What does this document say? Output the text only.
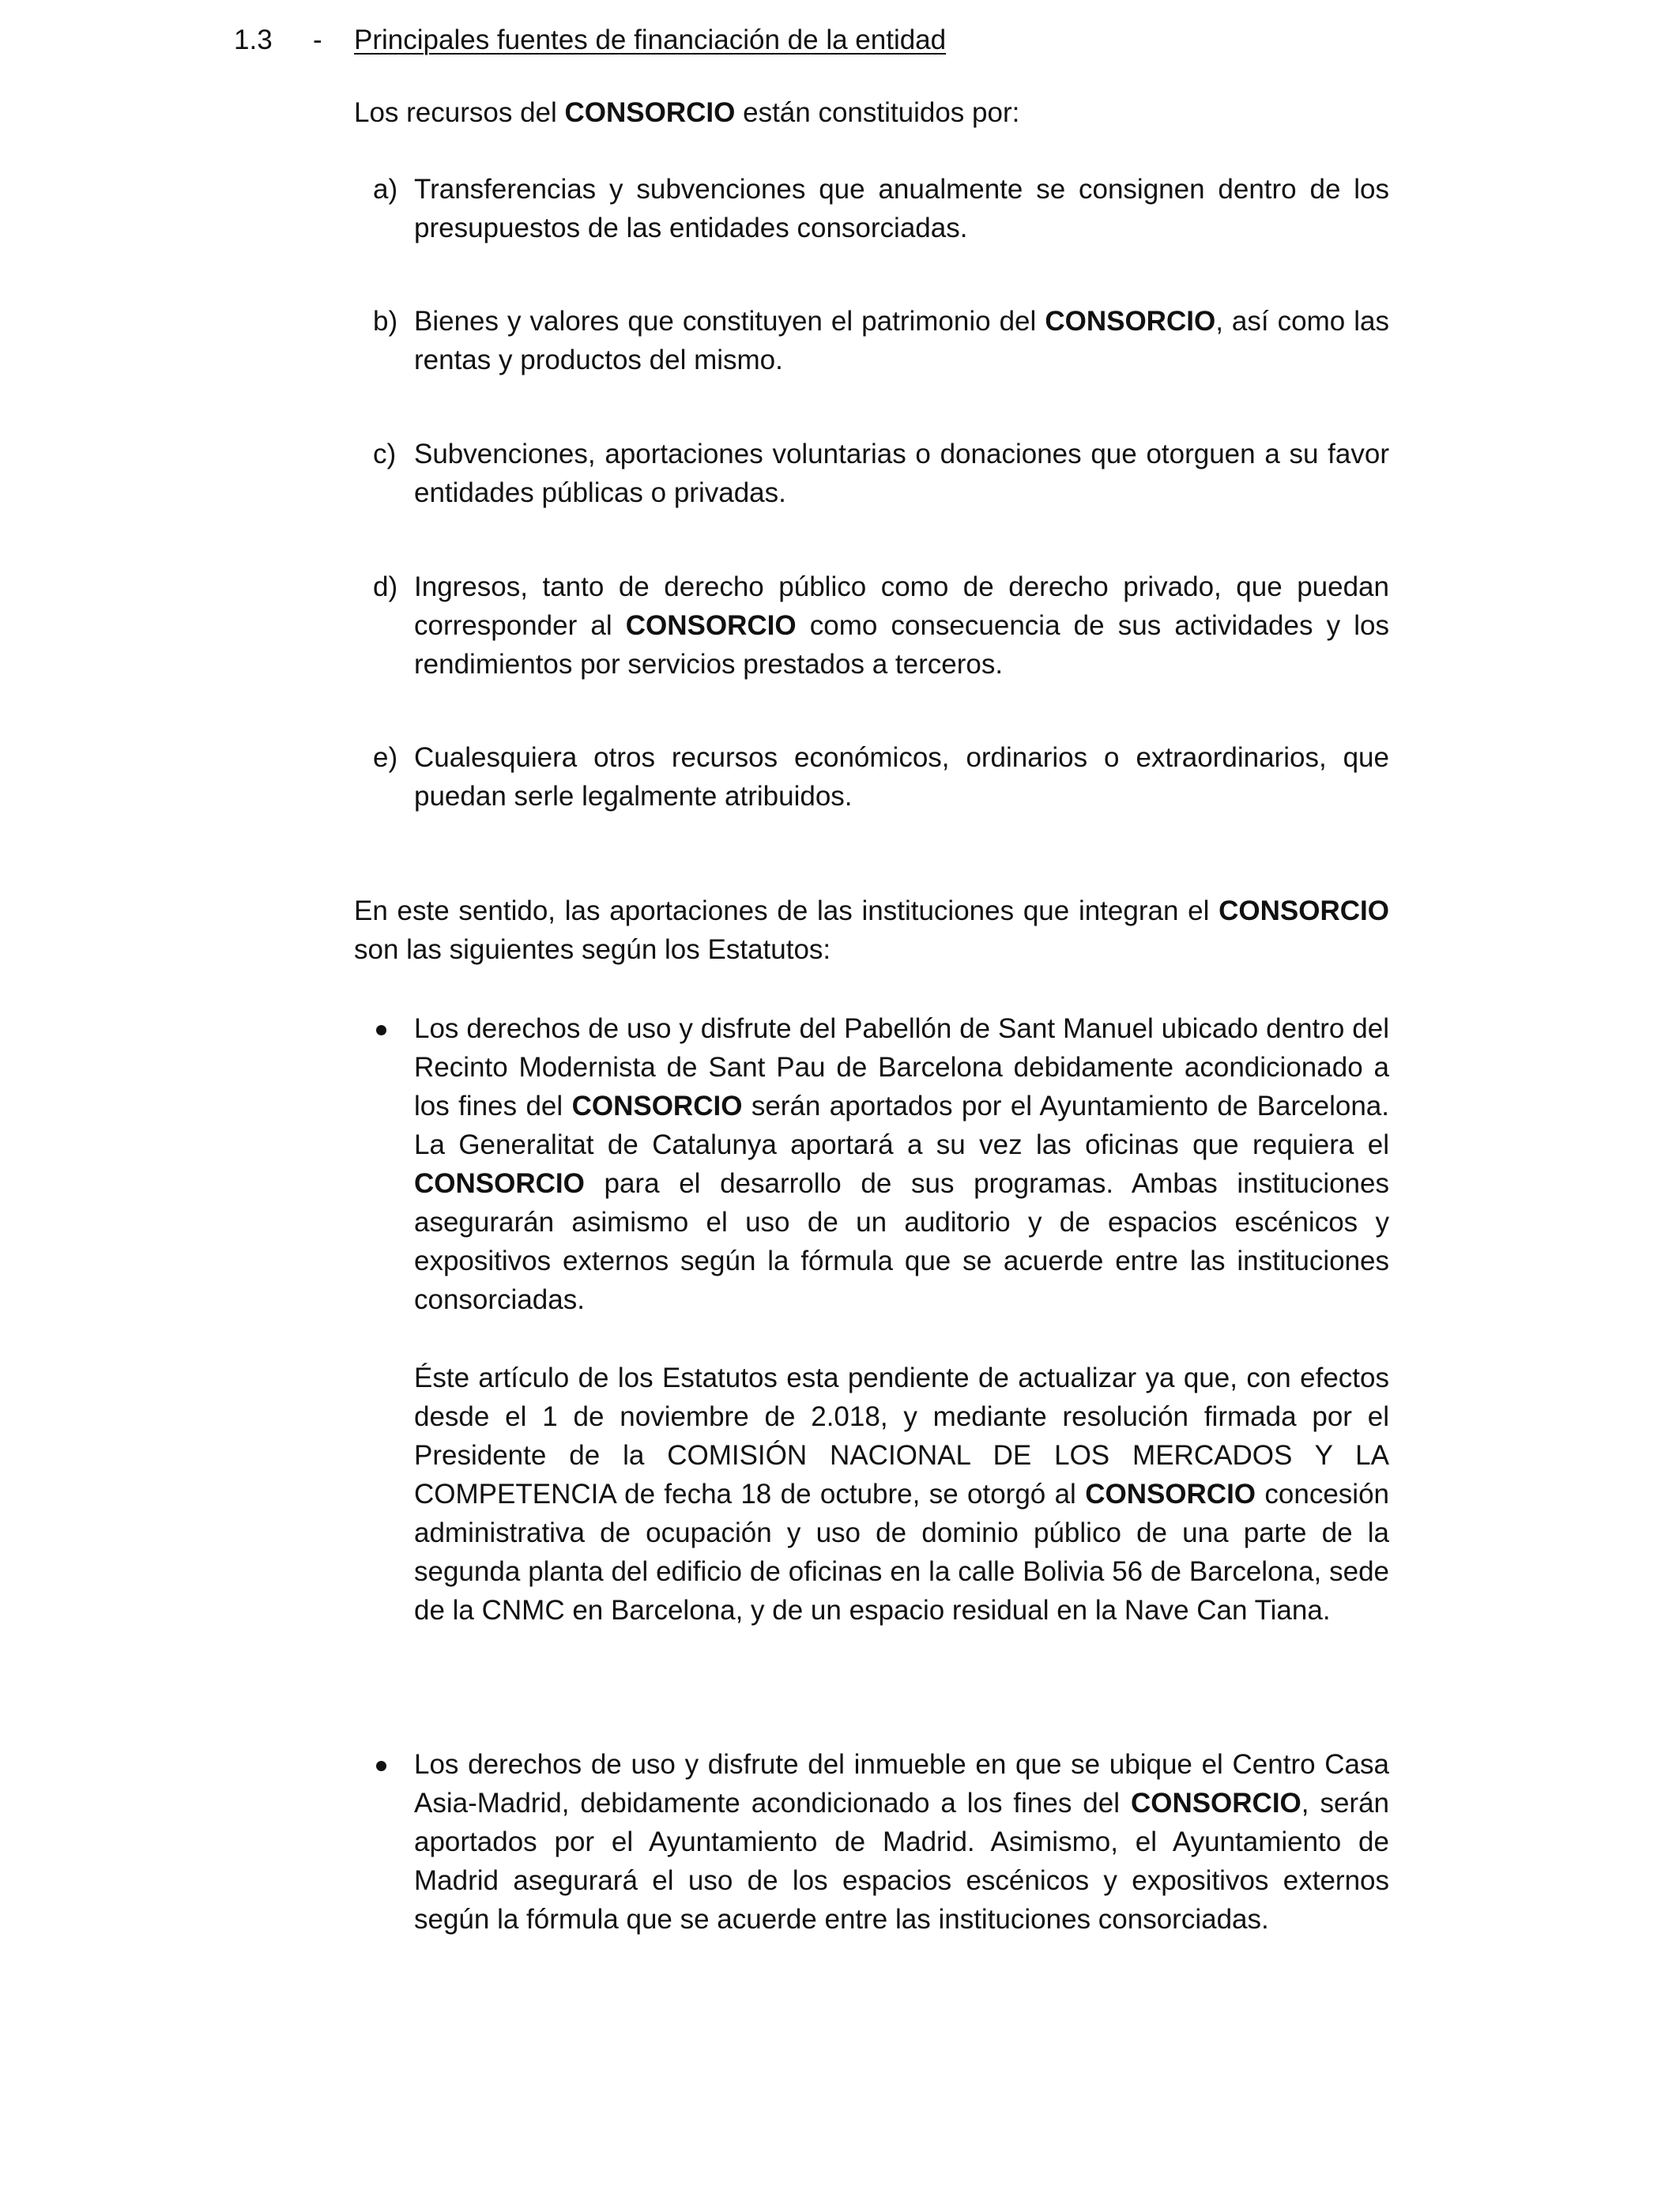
1.3 - Principales fuentes de financiación de la entidad

Los recursos del CONSORCIO están constituidos por:

a) Transferencias y subvenciones que anualmente se consignen dentro de los presupuestos de las entidades consorciadas.
b) Bienes y valores que constituyen el patrimonio del CONSORCIO, así como las rentas y productos del mismo.
c) Subvenciones, aportaciones voluntarias o donaciones que otorguen a su favor entidades públicas o privadas.
d) Ingresos, tanto de derecho público como de derecho privado, que puedan corresponder al CONSORCIO como consecuencia de sus actividades y los rendimientos por servicios prestados a terceros.
e) Cualesquiera otros recursos económicos, ordinarios o extraordinarios, que puedan serle legalmente atribuidos.

En este sentido, las aportaciones de las instituciones que integran el CONSORCIO son las siguientes según los Estatutos:

Los derechos de uso y disfrute del Pabellón de Sant Manuel ubicado dentro del Recinto Modernista de Sant Pau de Barcelona debidamente acondicionado a los fines del CONSORCIO serán aportados por el Ayuntamiento de Barcelona. La Generalitat de Catalunya aportará a su vez las oficinas que requiera el CONSORCIO para el desarrollo de sus programas. Ambas instituciones asegurarán asimismo el uso de un auditorio y de espacios escénicos y expositivos externos según la fórmula que se acuerde entre las instituciones consorciadas.
Éste artículo de los Estatutos esta pendiente de actualizar ya que, con efectos desde el 1 de noviembre de 2.018, y mediante resolución firmada por el Presidente de la COMISIÓN NACIONAL DE LOS MERCADOS Y LA COMPETENCIA de fecha 18 de octubre, se otorgó al CONSORCIO concesión administrativa de ocupación y uso de dominio público de una parte de la segunda planta del edificio de oficinas en la calle Bolivia 56 de Barcelona, sede de la CNMC en Barcelona, y de un espacio residual en la Nave Can Tiana.
Los derechos de uso y disfrute del inmueble en que se ubique el Centro Casa Asia-Madrid, debidamente acondicionado a los fines del CONSORCIO, serán aportados por el Ayuntamiento de Madrid. Asimismo, el Ayuntamiento de Madrid asegurará el uso de los espacios escénicos y expositivos externos según la fórmula que se acuerde entre las instituciones consorciadas.
